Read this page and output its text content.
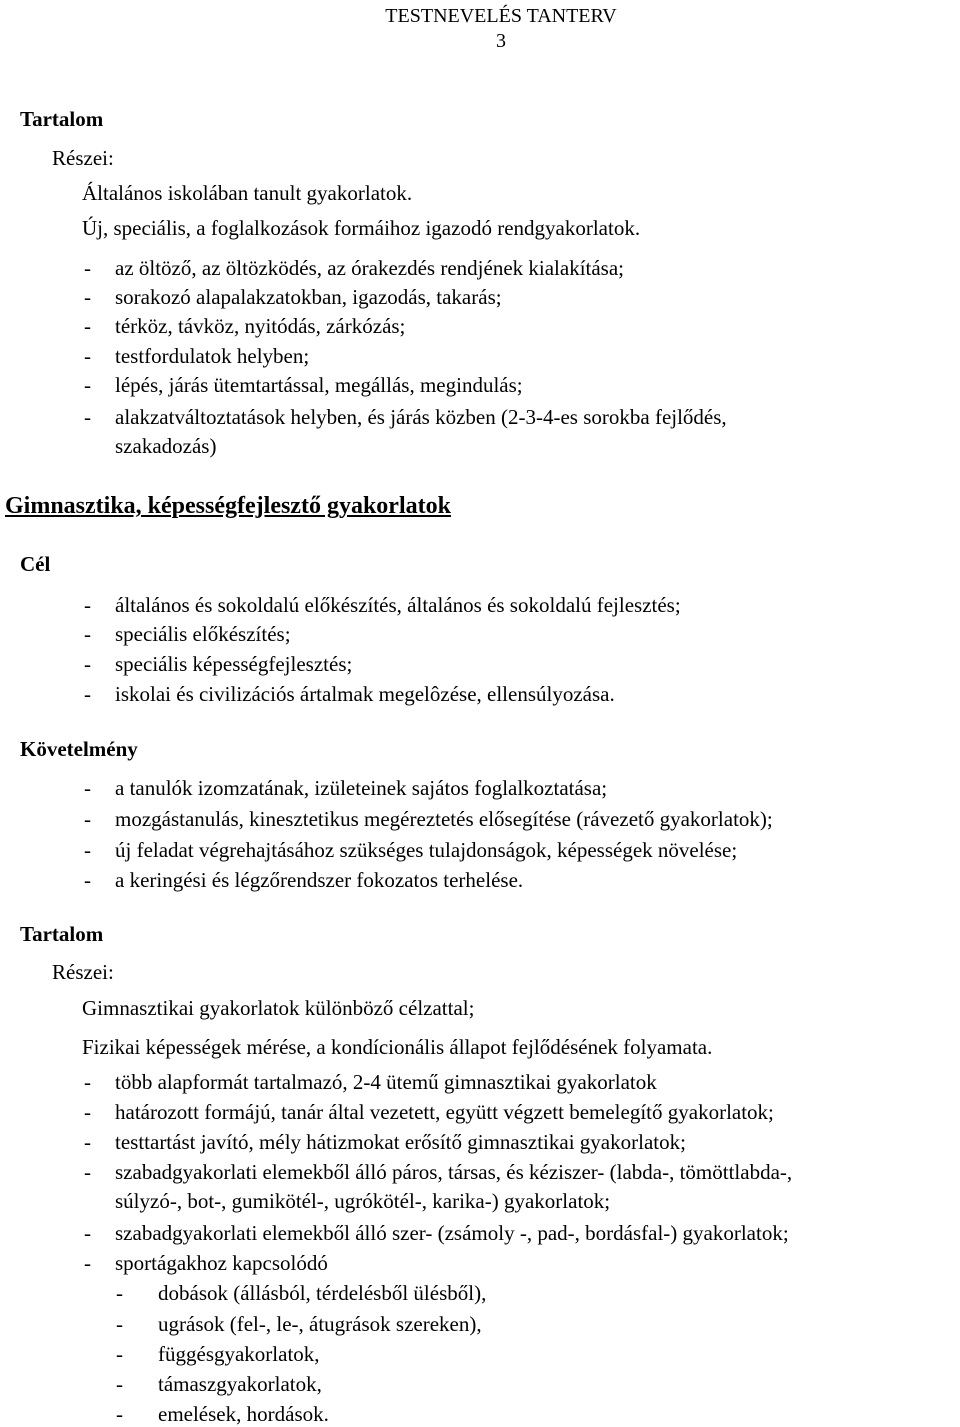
TESTNEVELÉS TANTERV
3
Tartalom
Részei:
Általános iskolában tanult gyakorlatok.
Új, speciális, a foglalkozások formáihoz igazodó rendgyakorlatok.
- az öltöző, az öltözködés, az órakezdés rendjének kialakítása;
- sorakozó alapalakzatokban, igazodás, takarás;
- térköz, távköz, nyitódás, zárkózás;
- testfordulatok helyben;
- lépés, járás ütemtartással, megállás, megindulás;
- alakzatváltoztatások helyben, és járás közben (2-3-4-es sorokba fejlődés,
szakadozás)
Gimnasztika, képességfejlesztő gyakorlatok
Cél
- általános és sokoldalú előkészítés, általános és sokoldalú fejlesztés;
- speciális előkészítés;
- speciális képességfejlesztés;
- iskolai és civilizációs ártalmak megelôzése, ellensúlyozása.
Követelmény
- a tanulók izomzatának, izületeinek sajátos foglalkoztatása;
- mozgástanulás, kinesztetikus megéreztetés elősegítése (rávezető gyakorlatok);
- új feladat végrehajtásához szükséges tulajdonságok, képességek növelése;
- a keringési és légzőrendszer fokozatos terhelése.
Tartalom
Részei:
Gimnasztikai gyakorlatok különböző célzattal;
Fizikai képességek mérése, a kondícionális állapot fejlődésének folyamata.
- több alapformát tartalmazó, 2-4 ütemű gimnasztikai gyakorlatok
- határozott formájú, tanár által vezetett, együtt végzett bemelegítő gyakorlatok;
- testtartást javító, mély hátizmokat erősítő gimnasztikai gyakorlatok;
- szabadgyakorlati elemekből álló páros, társas, és kéziszer- (labda-, tömöttlabda-,
súlyzó-, bot-, gumikötél-, ugrókötél-, karika-) gyakorlatok;
- szabadgyakorlati elemekből álló szer- (zsámoly -, pad-, bordásfal-) gyakorlatok;
- sportágakhoz kapcsolódó
- dobások (állásból, térdelésből ülésből),
- ugrások (fel-, le-, átugrások szereken),
- függésgyakorlatok,
- támaszgyakorlatok,
- emelések, hordások.
